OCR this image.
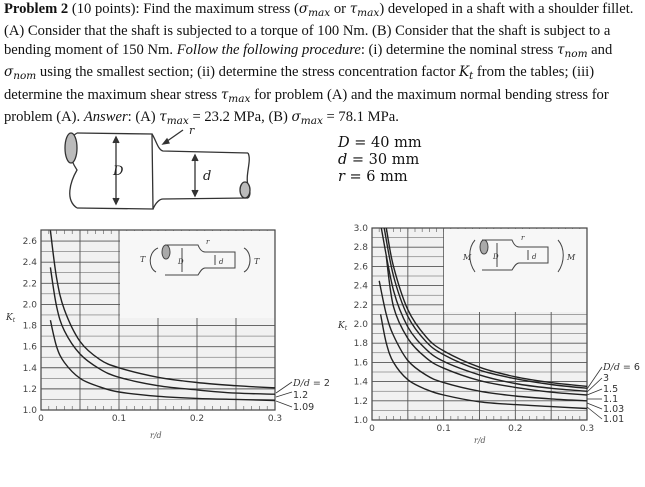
Problem 2 (10 points): Find the maximum stress ($\sigma_{max}$ or $\tau_{max}$) developed in a shaft with a shoulder fillet. (A) Consider that the shaft is subjected to a torque of 100 Nm. (B) Consider that the shaft is subject to a bending moment of 150 Nm. Follow the following procedure: (i) determine the nominal stress $\tau_{nom}$ and $\sigma_{nom}$ using the smallest section; (ii) determine the stress concentration factor $K_t$ from the tables; (iii) determine the maximum shear stress $\tau_{max}$ for problem (A) and the maximum normal bending stress for problem (A). Answer: (A) $\tau_{max} = 23.2$ MPa, (B) $\sigma_{max} = 78.1$ MPa.
D = 40 mm
d = 30 mm
r = 6 mm
D	d
r
T	D	d
r
T
1.0
1.2
1.4
1.6
1.8
2.0
2.2
2.4
2.6
0	0.1	0.2	0.3
$K_t$
r/d
D/d = 2
1.2
1.09
M	D	d
r
M
1.0
1.2
1.4
1.6
1.8
2.0
2.2
2.4
2.6
2.8
3.0
0	0.1	0.2	0.3
$K_t$
r/d
D/d = 6
3
1.5
1.1
1.03
1.01
